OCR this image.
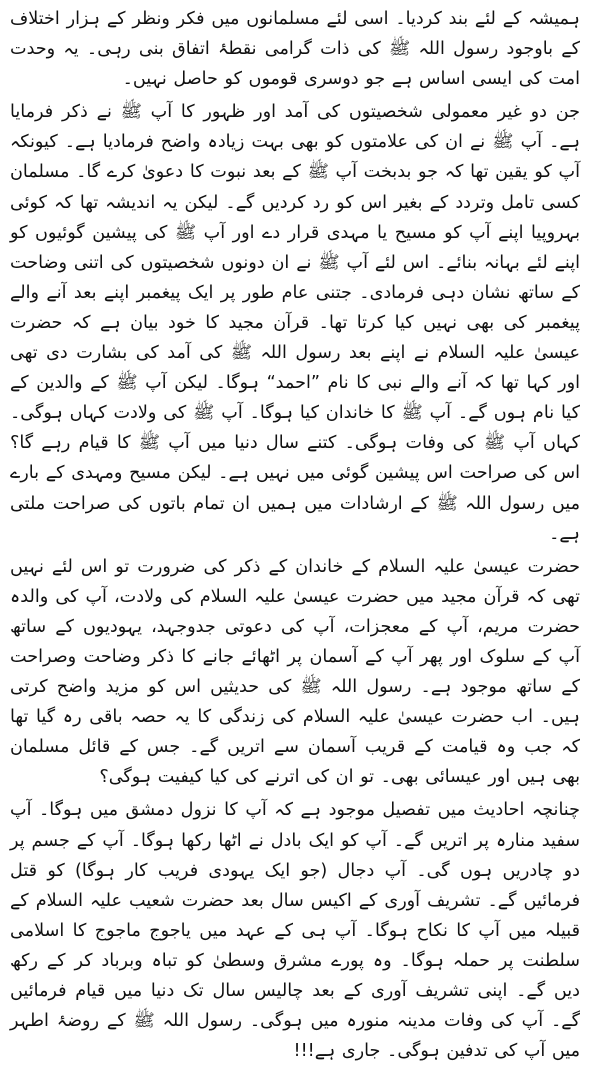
ہمیشہ کے لئے بند کردیا۔ اسی لئے مسلمانوں میں فکر ونظر کے ہزار اختلاف کے باوجود رسول اللہ ﷺ کی ذات گرامی نقطۂ اتفاق بنی رہی۔ یہ وحدت امت کی ایسی اساس ہے جو دوسری قوموں کو حاصل نہیں۔

جن دو غیر معمولی شخصیتوں کی آمد اور ظہور کا آپ ﷺ نے ذکر فرمایا ہے۔ آپ ﷺ نے ان کی علامتوں کو بھی بہت زیادہ واضح فرمادیا ہے۔ کیونکہ آپ کو یقین تھا کہ جو بدبخت آپ ﷺ کے بعد نبوت کا دعویٰ کرے گا۔ مسلمان کسی تامل وتردد کے بغیر اس کو رد کردیں گے۔ لیکن یہ اندیشہ تھا کہ کوئی بہروپیا اپنے آپ کو مسیح یا مہدی قرار دے اور آپ ﷺ کی پیشین گوئیوں کو اپنے لئے بہانہ بنائے۔ اس لئے آپ ﷺ نے ان دونوں شخصیتوں کی اتنی وضاحت کے ساتھ نشان دہی فرمادی۔ جتنی عام طور پر ایک پیغمبر اپنے بعد آنے والے پیغمبر کی بھی نہیں کیا کرتا تھا۔ قرآن مجید کا خود بیان ہے کہ حضرت عیسیٰ علیہ السلام نے اپنے بعد رسول اللہ ﷺ کی آمد کی بشارت دی تھی اور کہا تھا کہ آنے والے نبی کا نام ”احمد“ ہوگا۔ لیکن آپ ﷺ کے والدین کے کیا نام ہوں گے۔ آپ ﷺ کا خاندان کیا ہوگا۔ آپ ﷺ کی ولادت کہاں ہوگی۔ کہاں آپ ﷺ کی وفات ہوگی۔ کتنے سال دنیا میں آپ ﷺ کا قیام رہے گا؟ اس کی صراحت اس پیشین گوئی میں نہیں ہے۔ لیکن مسیح ومہدی کے بارے میں رسول اللہ ﷺ کے ارشادات میں ہمیں ان تمام باتوں کی صراحت ملتی ہے۔

حضرت عیسیٰ علیہ السلام کے خاندان کے ذکر کی ضرورت تو اس لئے نہیں تھی کہ قرآن مجید میں حضرت عیسیٰ علیہ السلام کی ولادت، آپ کی والدہ حضرت مریم، آپ کے معجزات، آپ کی دعوتی جدوجہد، یہودیوں کے ساتھ آپ کے سلوک اور پھر آپ کے آسمان پر اٹھائے جانے کا ذکر وضاحت وصراحت کے ساتھ موجود ہے۔ رسول اللہ ﷺ کی حدیثیں اس کو مزید واضح کرتی ہیں۔ اب حضرت عیسیٰ علیہ السلام کی زندگی کا یہ حصہ باقی رہ گیا تھا کہ جب وہ قیامت کے قریب آسمان سے اتریں گے۔ جس کے قائل مسلمان بھی ہیں اور عیسائی بھی۔ تو ان کی اترنے کی کیا کیفیت ہوگی؟

چنانچہ احادیث میں تفصیل موجود ہے کہ آپ کا نزول دمشق میں ہوگا۔ آپ سفید منارہ پر اتریں گے۔ آپ کو ایک بادل نے اٹھا رکھا ہوگا۔ آپ کے جسم پر دو چادریں ہوں گی۔ آپ دجال (جو ایک یہودی فریب کار ہوگا) کو قتل فرمائیں گے۔ تشریف آوری کے اکیس سال بعد حضرت شعیب علیہ السلام کے قبیلہ میں آپ کا نکاح ہوگا۔ آپ ہی کے عہد میں یاجوج ماجوج کا اسلامی سلطنت پر حملہ ہوگا۔ وہ پورے مشرق وسطیٰ کو تباہ وبرباد کر کے رکھ دیں گے۔ اپنی تشریف آوری کے بعد چالیس سال تک دنیا میں قیام فرمائیں گے۔ آپ کی وفات مدینہ منورہ میں ہوگی۔ رسول اللہ ﷺ کے روضۂ اطہر میں آپ کی تدفین ہوگی۔ جاری ہے!!!
